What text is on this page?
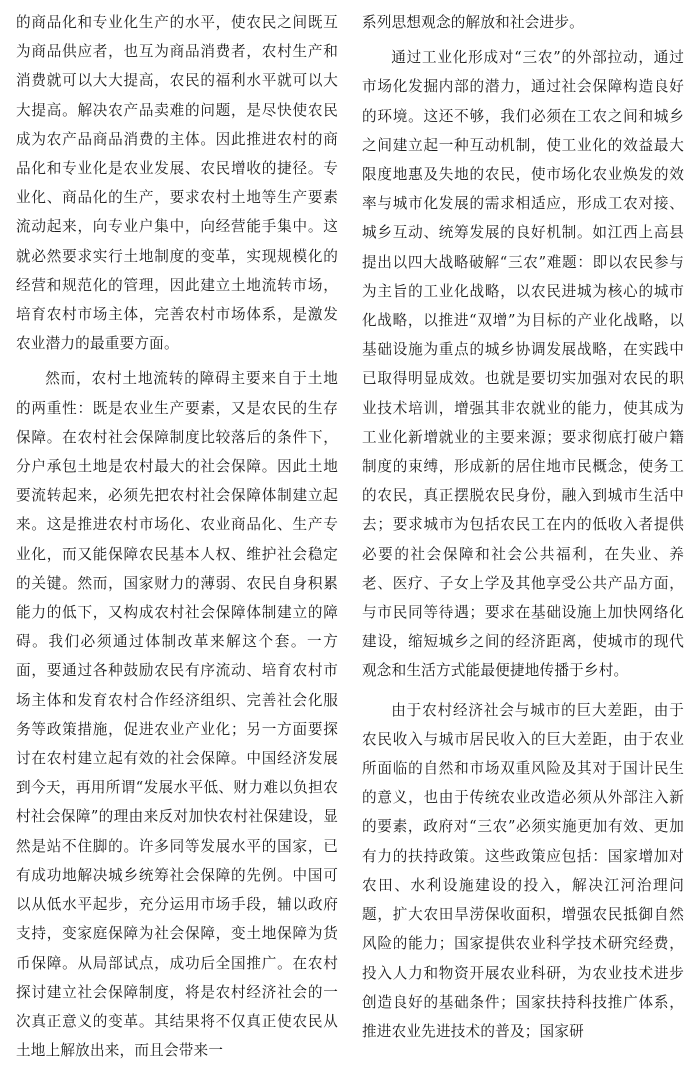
的商品化和专业化生产的水平，使农民之间既互为商品供应者，也互为商品消费者，农村生产和消费就可以大大提高，农民的福利水平就可以大大提高。解决农产品卖难的问题，是尽快使农民成为农产品商品消费的主体。因此推进农村的商品化和专业化是农业发展、农民增收的捷径。专业化、商品化的生产，要求农村土地等生产要素流动起来，向专业户集中，向经营能手集中。这就必然要求实行土地制度的变革，实现规模化的经营和规范化的管理，因此建立土地流转市场，培育农村市场主体，完善农村市场体系，是激发农业潜力的最重要方面。

然而，农村土地流转的障碍主要来自于土地的两重性：既是农业生产要素，又是农民的生存保障。在农村社会保障制度比较落后的条件下，分户承包土地是农村最大的社会保障。因此土地要流转起来，必须先把农村社会保障体制建立起来。这是推进农村市场化、农业商品化、生产专业化，而又能保障农民基本人权、维护社会稳定的关键。然而，国家财力的薄弱、农民自身积累能力的低下，又构成农村社会保障体制建立的障碍。我们必须通过体制改革来解这个套。一方面，要通过各种鼓励农民有序流动、培育农村市场主体和发育农村合作经济组织、完善社会化服务等政策措施，促进农业产业化；另一方面要探讨在农村建立起有效的社会保障。中国经济发展到今天，再用所谓“发展水平低、财力难以负担农村社会保障”的理由来反对加快农村社保建设，显然是站不住脚的。许多同等发展水平的国家，已有成功地解决城乡统筹社会保障的先例。中国可以从低水平起步，充分运用市场手段，辅以政府支持，变家庭保障为社会保障，变土地保障为货币保障。从局部试点，成功后全国推广。在农村探讨建立社会保障制度，将是农村经济社会的一次真正意义的变革。其结果将不仅真正使农民从土地上解放出来，而且会带来一

系列思想观念的解放和社会进步。

通过工业化形成对“三农”的外部拉动，通过市场化发掘内部的潜力，通过社会保障构造良好的环境。这还不够，我们必须在工农之间和城乡之间建立起一种互动机制，使工业化的效益最大限度地惠及失地的农民，使市场化农业焕发的效率与城市化发展的需求相适应，形成工农对接、城乡互动、统筹发展的良好机制。如江西上高县提出以四大战略破解“三农”难题：即以农民参与为主旨的工业化战略，以农民进城为核心的城市化战略，以推进“双增”为目标的产业化战略，以基础设施为重点的城乡协调发展战略，在实践中已取得明显成效。也就是要切实加强对农民的职业技术培训，增强其非农就业的能力，使其成为工业化新增就业的主要来源；要求彻底打破户籍制度的束缚，形成新的居住地市民概念，使务工的农民，真正摆脱农民身份，融入到城市生活中去；要求城市为包括农民工在内的低收入者提供必要的社会保障和社会公共福利，在失业、养老、医疗、子女上学及其他享受公共产品方面，与市民同等待遇；要求在基础设施上加快网络化建设，缩短城乡之间的经济距离，使城市的现代观念和生活方式能最便捷地传播于乡村。

由于农村经济社会与城市的巨大差距，由于农民收入与城市居民收入的巨大差距，由于农业所面临的自然和市场双重风险及其对于国计民生的意义，也由于传统农业改造必须从外部注入新的要素，政府对“三农”必须实施更加有效、更加有力的扶持政策。这些政策应包括：国家增加对农田、水利设施建设的投入，解决江河治理问题，扩大农田旱涝保收面积，增强农民抵御自然风险的能力；国家提供农业科学技术研究经费，投入人力和物资开展农业科研，为农业技术进步创造良好的基础条件；国家扶持科技推广体系，推进农业先进技术的普及；国家研
